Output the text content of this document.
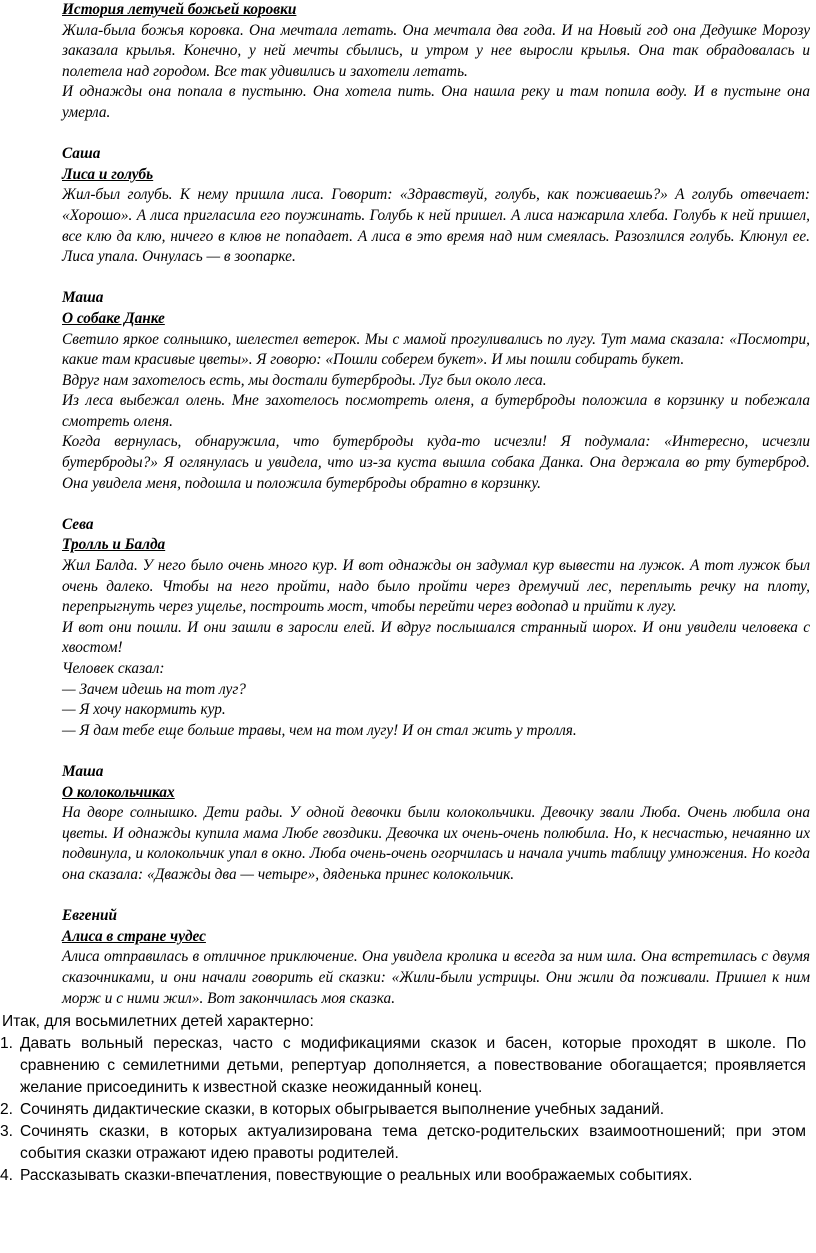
История летучей божьей коровки

Жила-была божья коровка. Она мечтала летать. Она мечтала два года. И на Новый год она Дедушке Морозу заказала крылья. Конечно, у ней мечты сбылись, и утром у нее выросли крылья. Она так обрадовалась и полетела над городом. Все так удивились и захотели летать.

И однажды она попала в пустыню. Она хотела пить. Она нашла реку и там попила воду. И в пустыне она умерла.

Саша
Лиса и голубь

Жил-был голубь. К нему пришла лиса. Говорит: «Здравствуй, голубь, как поживаешь?» А голубь отвечает: «Хорошо». А лиса пригласила его поужинать. Голубь к ней пришел. А лиса нажарила хлеба. Голубь к ней пришел, все клю да клю, ничего в клюв не попадает. А лиса в это время над ним смеялась. Разозлился голубь. Клюнул ее. Лиса упала. Очнулась — в зоопарке.

Маша
О собаке Данке

Светило яркое солнышко, шелестел ветерок. Мы с мамой прогуливались по лугу. Тут мама сказала: «Посмотри, какие там красивые цветы». Я говорю: «Пошли соберем букет». И мы пошли собирать букет.

Вдруг нам захотелось есть, мы достали бутерброды. Луг был около леса.

Из леса выбежал олень. Мне захотелось посмотреть оленя, а бутерброды положила в корзинку и побежала смотреть оленя.

Когда вернулась, обнаружила, что бутерброды куда-то исчезли! Я подумала: «Интересно, исчезли бутерброды?» Я оглянулась и увидела, что из-за куста вышла собака Данка. Она держала во рту бутерброд. Она увидела меня, подошла и положила бутерброды обратно в корзинку.

Сева
Тролль и Балда

Жил Балда. У него было очень много кур. И вот однажды он задумал кур вывести на лужок. А тот лужок был очень далеко. Чтобы на него пройти, надо было пройти через дремучий лес, переплыть речку на плоту, перепрыгнуть через ущелье, построить мост, чтобы перейти через водопад и прийти к лугу.

И вот они пошли. И они зашли в заросли елей. И вдруг послышался странный шорох. И они увидели человека с хвостом!

Человек сказал:

— Зачем идешь на тот луг?

— Я хочу накормить кур.

— Я дам тебе еще больше травы, чем на том лугу! И он стал жить у тролля.

Маша
О колокольчиках

На дворе солнышко. Дети рады. У одной девочки были колокольчики. Девочку звали Люба. Очень любила она цветы. И однажды купила мама Любе гвоздики. Девочка их очень-очень полюбила. Но, к несчастью, нечаянно их подвинула, и колокольчик упал в окно. Люба очень-очень огорчилась и начала учить таблицу умножения. Но когда она сказала: «Дважды два — четыре», дяденька принес колокольчик.

Евгений
Алиса в стране чудес

Алиса отправилась в отличное приключение. Она увидела кролика и всегда за ним шла. Она встретилась с двумя сказочниками, и они начали говорить ей сказки: «Жили-были устрицы. Они жили да поживали. Пришел к ним морж и с ними жил». Вот закончилась моя сказка.

Итак, для восьмилетних детей характерно:

1. Давать вольный пересказ, часто с модификациями сказок и басен, которые проходят в школе. По сравнению с семилетними детьми, репертуар дополняется, а повествование обогащается; проявляется желание присоединить к известной сказке неожиданный конец.
2. Сочинять дидактические сказки, в которых обыгрывается выполнение учебных заданий.
3. Сочинять сказки, в которых актуализирована тема детско-родительских взаимоотношений; при этом события сказки отражают идею правоты родителей.
4. Рассказывать сказки-впечатления, повествующие о реальных или воображаемых событиях.
